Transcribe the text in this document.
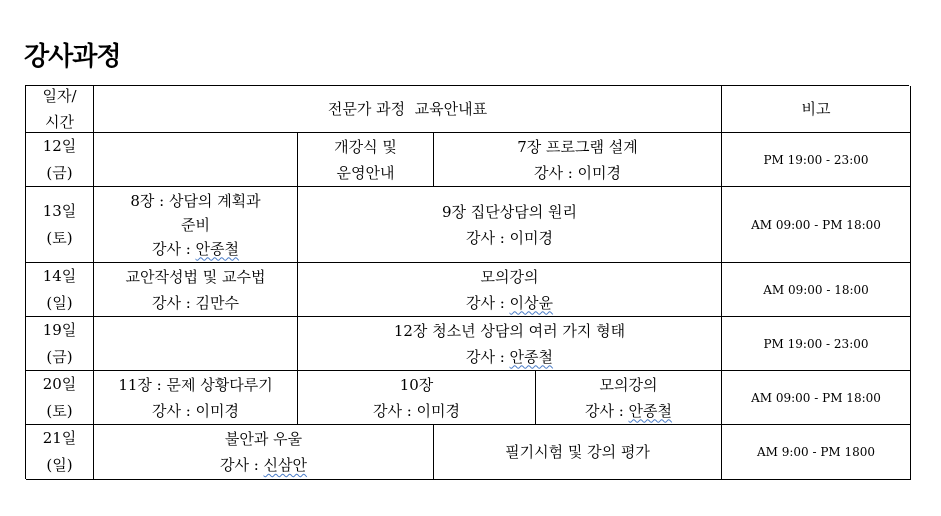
강사과정
일자/
시간
전문가 과정  교육안내표	비고
12일
(금)
개강식 및
운영안내
7장 프로그램 설계
강사 : 이미경
PM 19:00 - 23:00
13일
(토)
8장 : 상담의 계획과
준비
강사 : 안종철
9장 집단상담의 원리
강사 : 이미경
AM 09:00 - PM 18:00
14일
(일)
교안작성법 및 교수법
강사 : 김만수
모의강의
강사 : 이상윤
AM 09:00 - 18:00
19일
(금)
12장 청소년 상담의 여러 가지 형태
강사 : 안종철
PM 19:00 - 23:00
20일
(토)
11장 : 문제 상황다루기
강사 : 이미경
10장
강사 : 이미경
모의강의
강사 : 안종철
AM 09:00 - PM 18:00
21일
(일)
불안과 우울
강사 : 신삼안
필기시험 및 강의 평가	AM 9:00 - PM 1800
